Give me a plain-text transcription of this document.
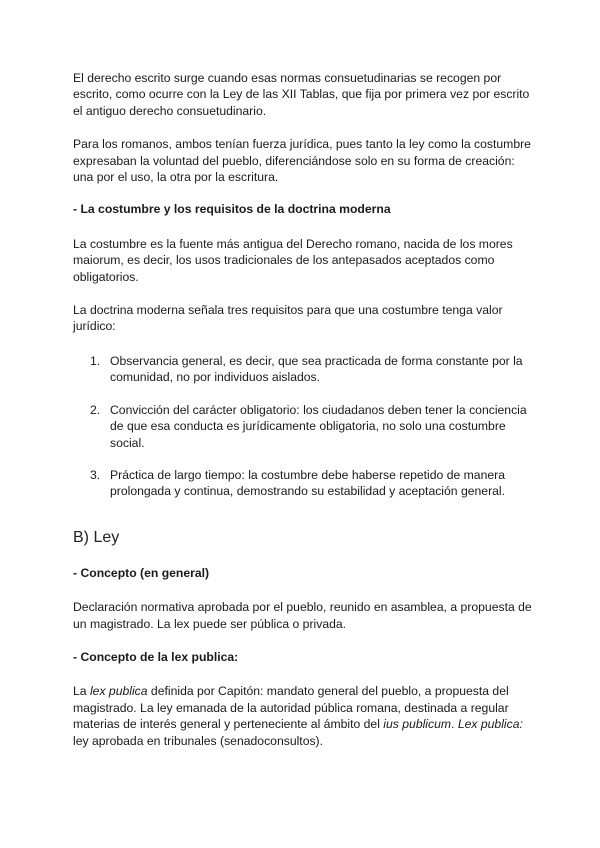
El derecho escrito surge cuando esas normas consuetudinarias se recogen por escrito, como ocurre con la Ley de las XII Tablas, que fija por primera vez por escrito el antiguo derecho consuetudinario.

Para los romanos, ambos tenían fuerza jurídica, pues tanto la ley como la costumbre expresaban la voluntad del pueblo, diferenciándose solo en su forma de creación: una por el uso, la otra por la escritura.

- La costumbre y los requisitos de la doctrina moderna

La costumbre es la fuente más antigua del Derecho romano, nacida de los mores maiorum, es decir, los usos tradicionales de los antepasados aceptados como obligatorios.

La doctrina moderna señala tres requisitos para que una costumbre tenga valor jurídico:

1. Observancia general, es decir, que sea practicada de forma constante por la comunidad, no por individuos aislados.
2. Convicción del carácter obligatorio: los ciudadanos deben tener la conciencia de que esa conducta es jurídicamente obligatoria, no solo una costumbre social.
3. Práctica de largo tiempo: la costumbre debe haberse repetido de manera prolongada y continua, demostrando su estabilidad y aceptación general.
B) Ley

- Concepto (en general)

Declaración normativa aprobada por el pueblo, reunido en asamblea, a propuesta de un magistrado. La lex puede ser pública o privada.

- Concepto de la lex publica:

La lex publica definida por Capitón: mandato general del pueblo, a propuesta del magistrado. La ley emanada de la autoridad pública romana, destinada a regular materias de interés general y perteneciente al ámbito del ius publicum. Lex publica: ley aprobada en tribunales (senadoconsultos).
